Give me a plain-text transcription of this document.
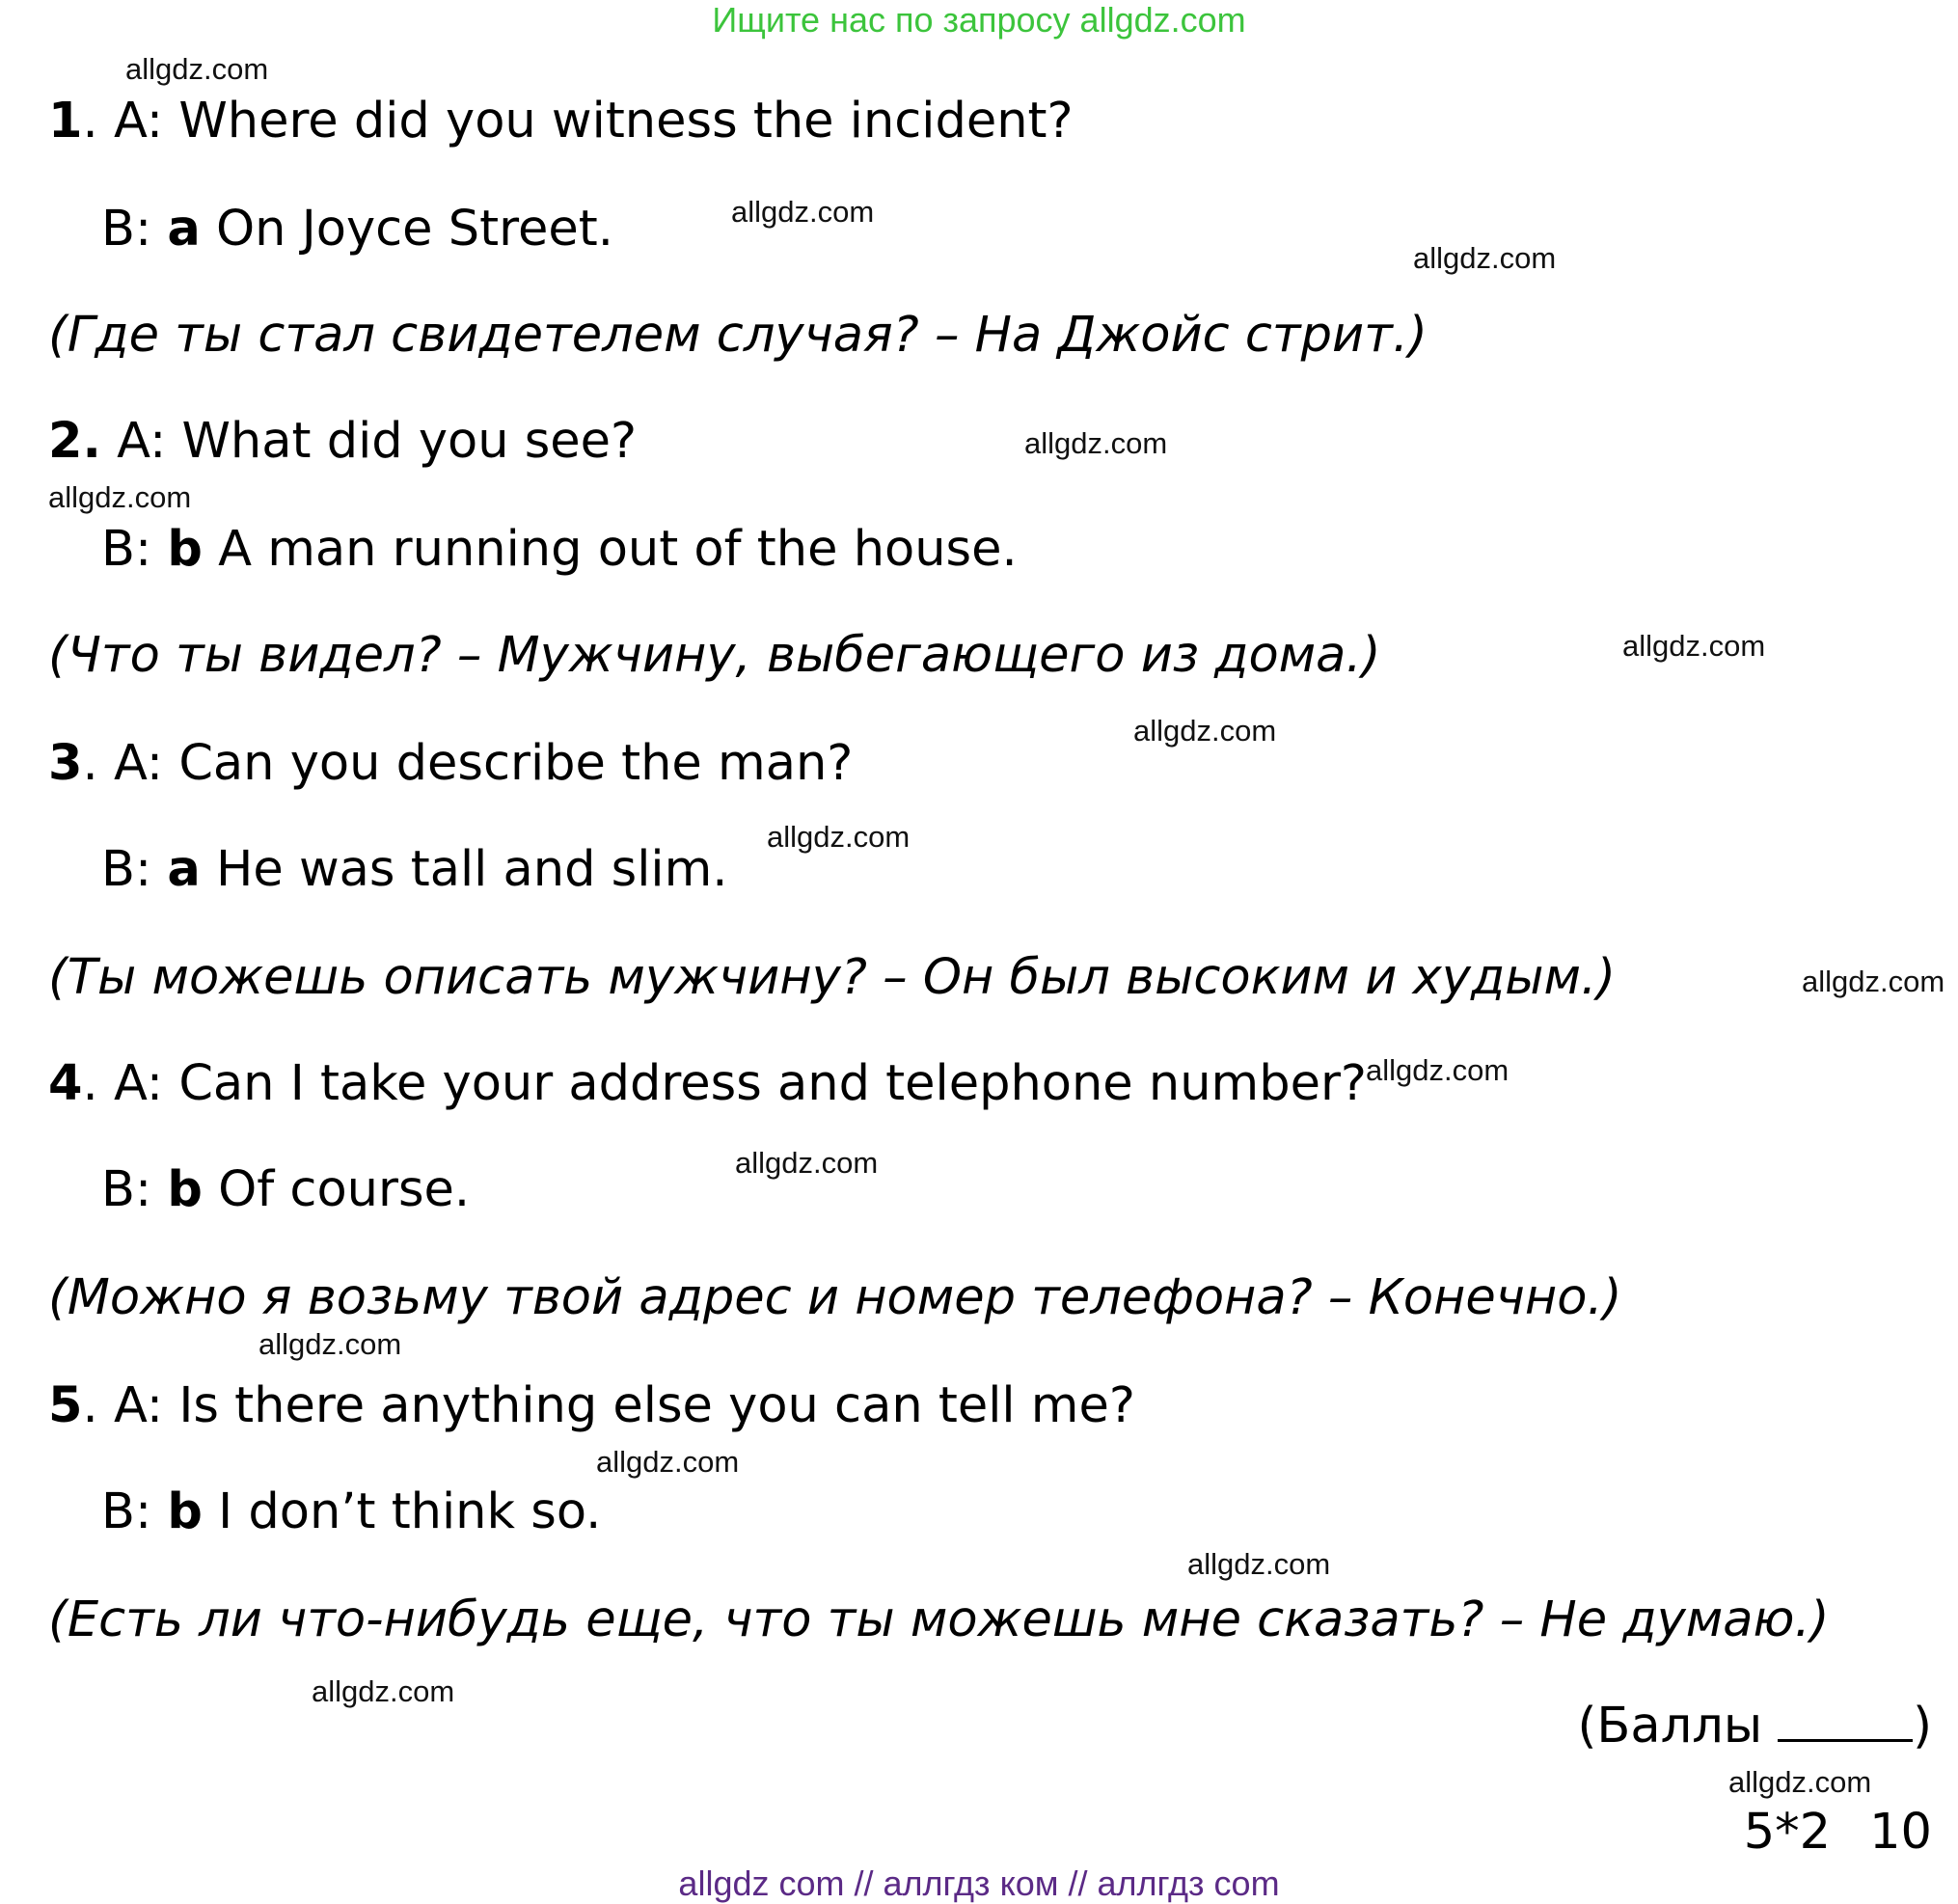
Ищите нас по запросу allgdz.com
1. A: Where did you witness the incident?
B: a On Joyce Street.
(Где ты стал свидетелем случая? – На Джойс стрит.)
2. A: What did you see?
B: b A man running out of the house.
(Что ты видел? – Мужчину, выбегающего из дома.)
3. A: Can you describe the man?
B: a He was tall and slim.
(Ты можешь описать мужчину? – Он был высоким и худым.)
4. A: Can I take your address and telephone number?
B: b Of course.
(Можно я возьму твой адрес и номер телефона? – Конечно.)
5. A: Is there anything else you can tell me?
B: b I don’t think so.
(Есть ли что-нибудь еще, что ты можешь мне сказать? – Не думаю.)
(Баллы	)
5*2 10
allgdz.com
allgdz.com
allgdz.com
allgdz.com
allgdz.com
allgdz.com
allgdz.com
allgdz.com
allgdz.com
allgdz.com
allgdz.com
allgdz.com
allgdz.com
allgdz.com
allgdz.com
allgdz.com
allgdz com // аллгдз ком // аллгдз com
